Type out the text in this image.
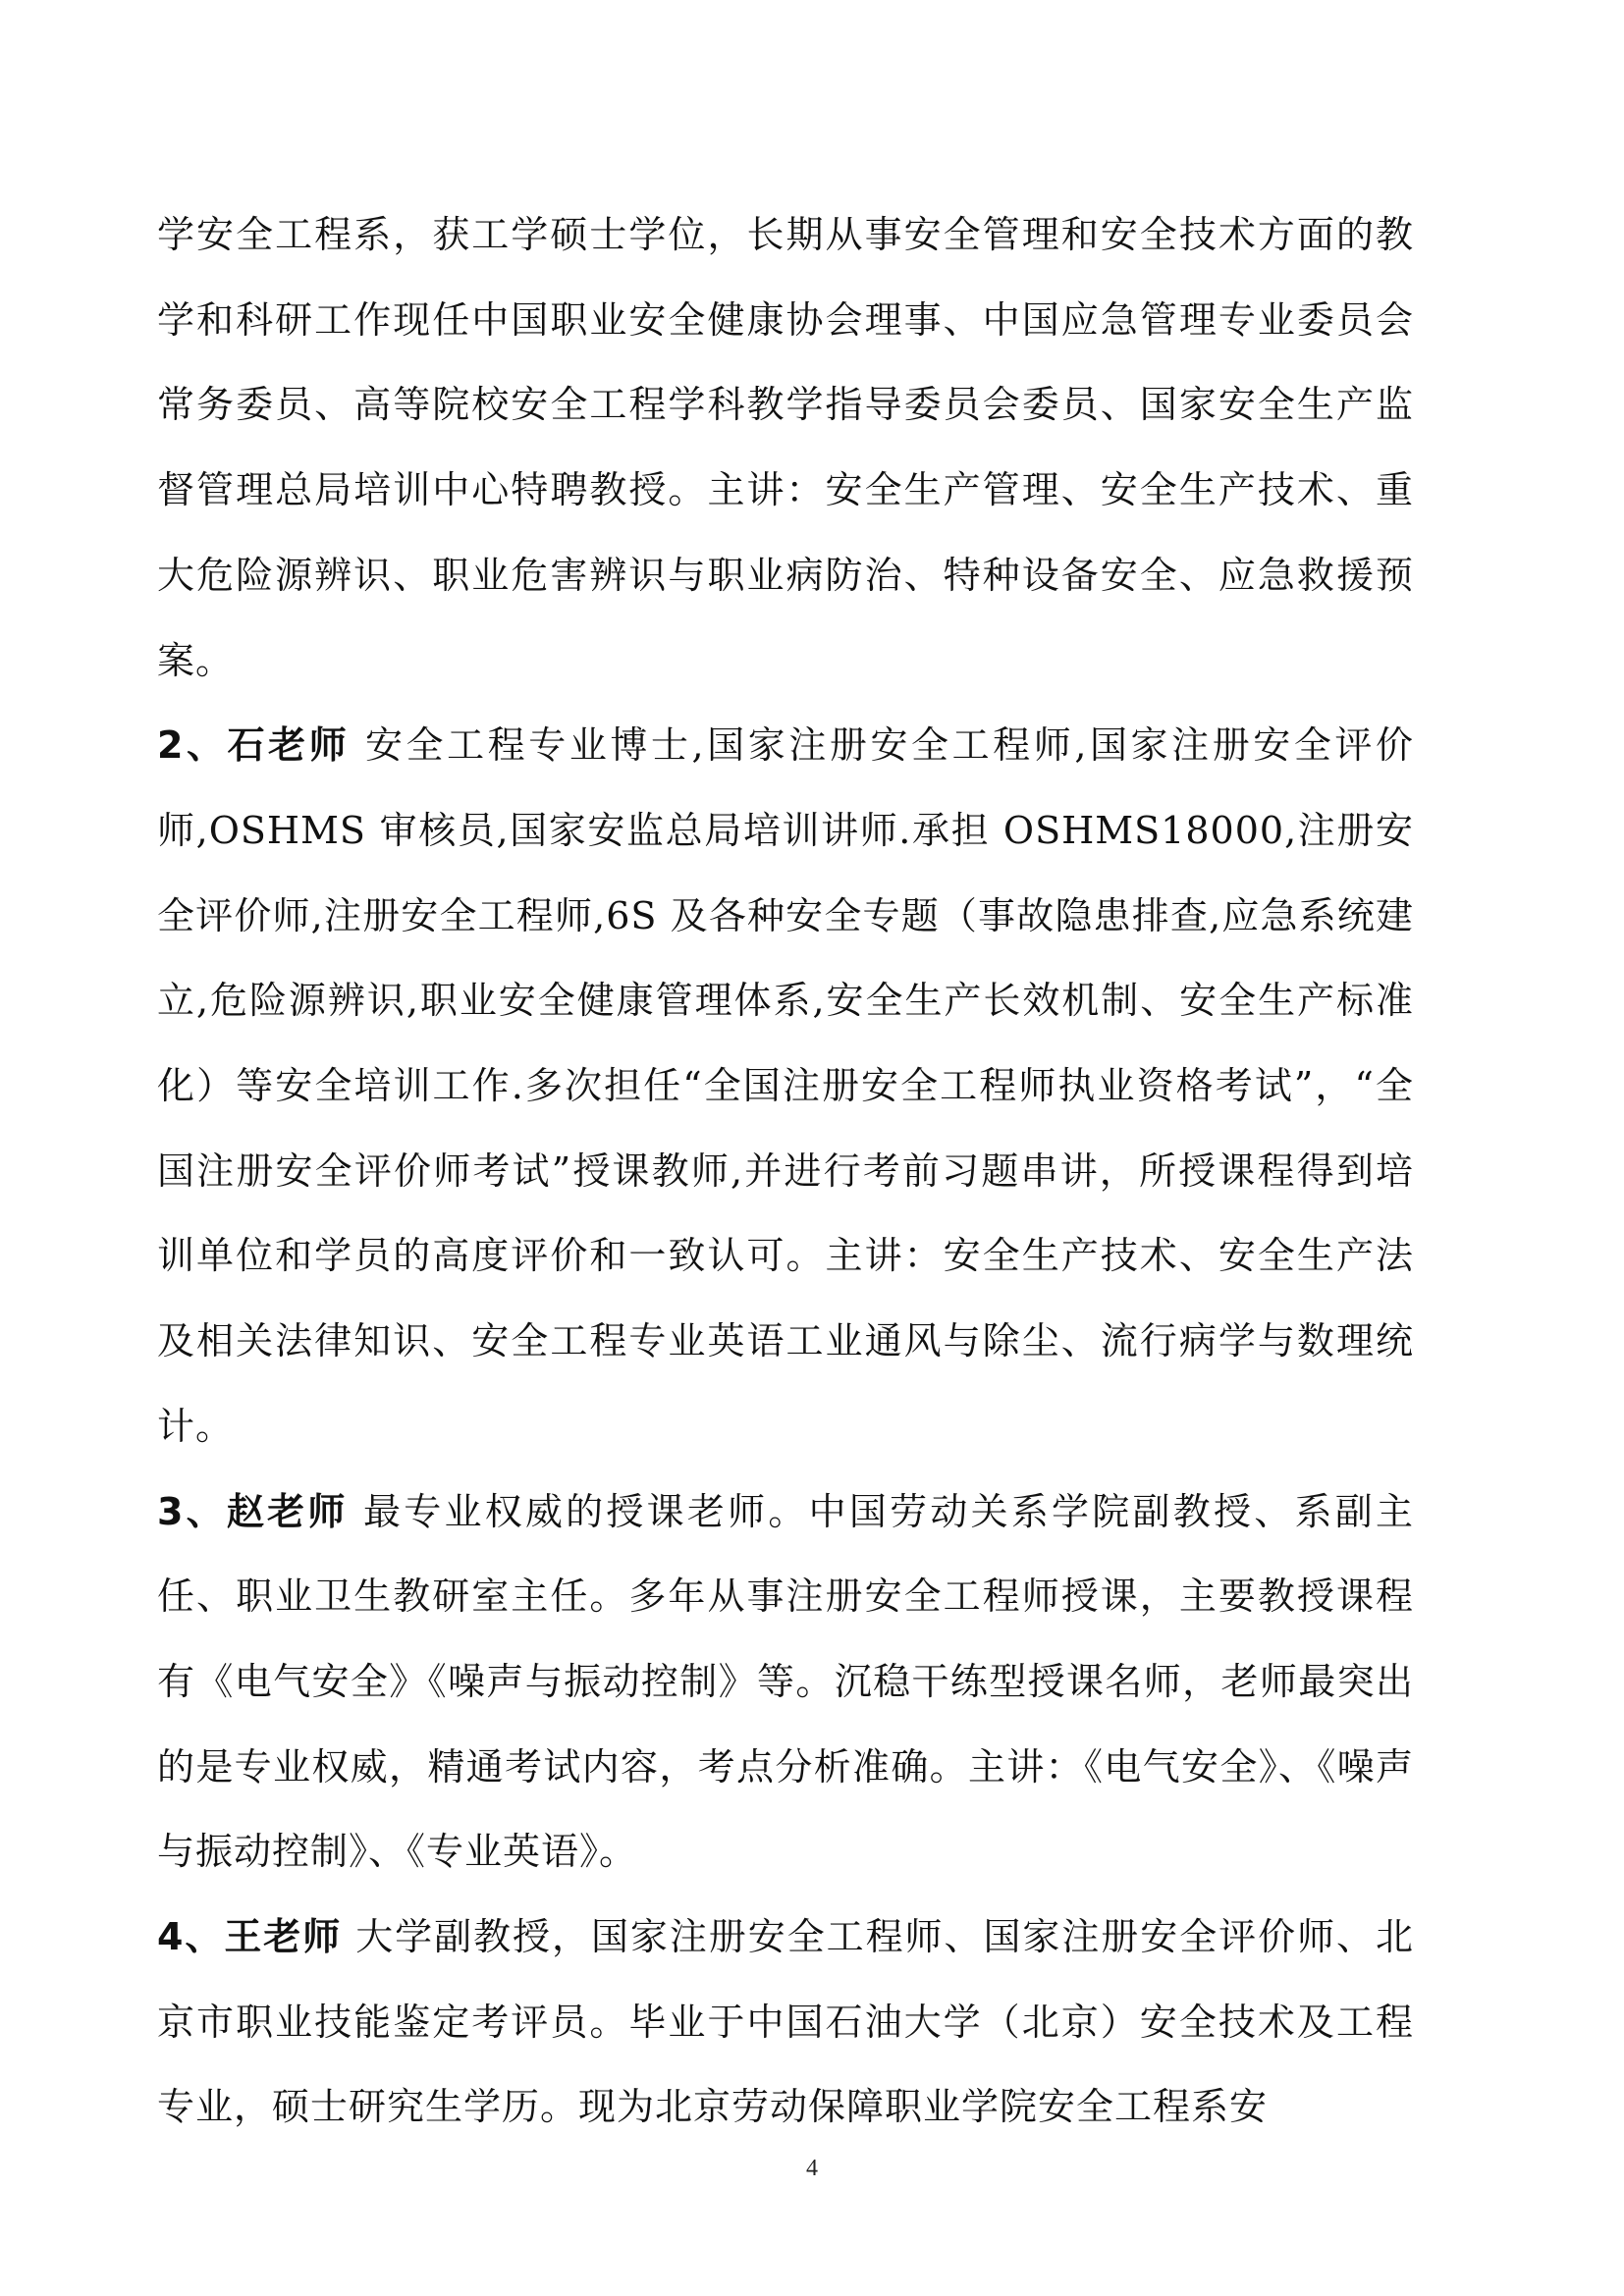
学安全工程系，获工学硕士学位，长期从事安全管理和安全技术方面的教学和科研工作现任中国职业安全健康协会理事、中国应急管理专业委员会常务委员、高等院校安全工程学科教学指导委员会委员、国家安全生产监督管理总局培训中心特聘教授。主讲：安全生产管理、安全生产技术、重大危险源辨识、职业危害辨识与职业病防治、特种设备安全、应急救援预案。

2、石老师 安全工程专业博士,国家注册安全工程师,国家注册安全评价师,OSHMS 审核员,国家安监总局培训讲师.承担 OSHMS18000,注册安全评价师,注册安全工程师,6S 及各种安全专题（事故隐患排查,应急系统建立,危险源辨识,职业安全健康管理体系,安全生产长效机制、安全生产标准化）等安全培训工作.多次担任“全国注册安全工程师执业资格考试”，“全国注册安全评价师考试”授课教师,并进行考前习题串讲，所授课程得到培训单位和学员的高度评价和一致认可。主讲：安全生产技术、安全生产法及相关法律知识、安全工程专业英语工业通风与除尘、流行病学与数理统计。

3、赵老师 最专业权威的授课老师。中国劳动关系学院副教授、系副主任、职业卫生教研室主任。多年从事注册安全工程师授课，主要教授课程有《电气安全》《噪声与振动控制》等。沉稳干练型授课名师，老师最突出的是专业权威，精通考试内容，考点分析准确。主讲：《电气安全》、《噪声与振动控制》、《专业英语》。

4、王老师 大学副教授，国家注册安全工程师、国家注册安全评价师、北京市职业技能鉴定考评员。毕业于中国石油大学（北京）安全技术及工程专业，硕士研究生学历。现为北京劳动保障职业学院安全工程系安

4
